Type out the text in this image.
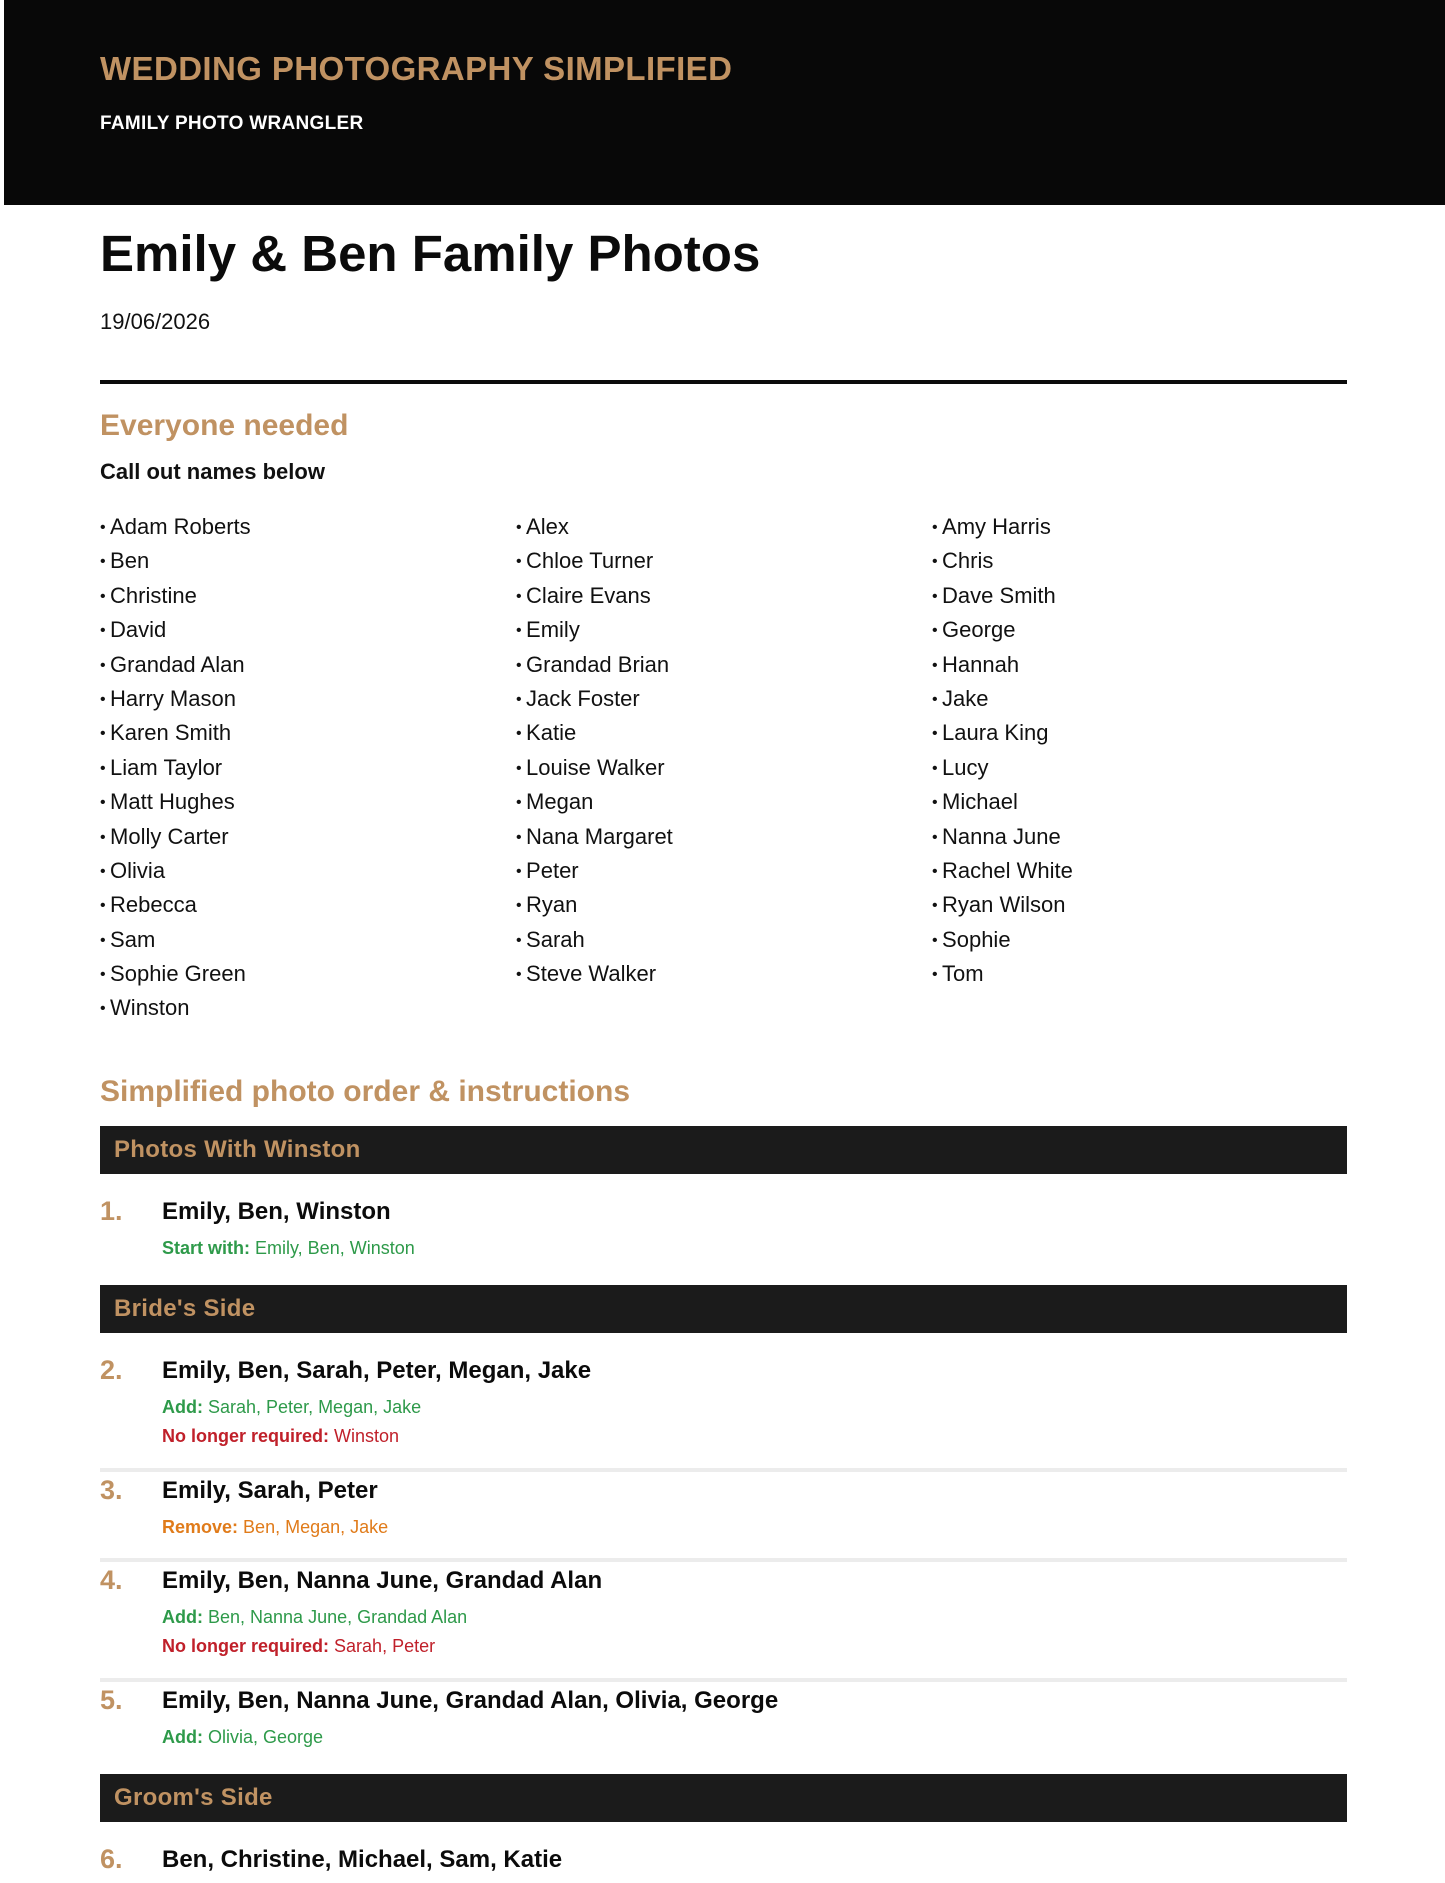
WEDDING PHOTOGRAPHY SIMPLIFIED
FAMILY PHOTO WRANGLER
Emily & Ben Family Photos
19/06/2026
Everyone needed
Call out names below
• Adam Roberts
• Ben
• Christine
• David
• Grandad Alan
• Harry Mason
• Karen Smith
• Liam Taylor
• Matt Hughes
• Molly Carter
• Olivia
• Rebecca
• Sam
• Sophie Green
• Winston
• Alex
• Chloe Turner
• Claire Evans
• Emily
• Grandad Brian
• Jack Foster
• Katie
• Louise Walker
• Megan
• Nana Margaret
• Peter
• Ryan
• Sarah
• Steve Walker
• Amy Harris
• Chris
• Dave Smith
• George
• Hannah
• Jake
• Laura King
• Lucy
• Michael
• Nanna June
• Rachel White
• Ryan Wilson
• Sophie
• Tom
Simplified photo order & instructions
Photos With Winston
1. Emily, Ben, Winston
Start with: Emily, Ben, Winston
Bride's Side
2. Emily, Ben, Sarah, Peter, Megan, Jake
Add: Sarah, Peter, Megan, Jake
No longer required: Winston
3. Emily, Sarah, Peter
Remove: Ben, Megan, Jake
4. Emily, Ben, Nanna June, Grandad Alan
Add: Ben, Nanna June, Grandad Alan
No longer required: Sarah, Peter
5. Emily, Ben, Nanna June, Grandad Alan, Olivia, George
Add: Olivia, George
Groom's Side
6. Ben, Christine, Michael, Sam, Katie
